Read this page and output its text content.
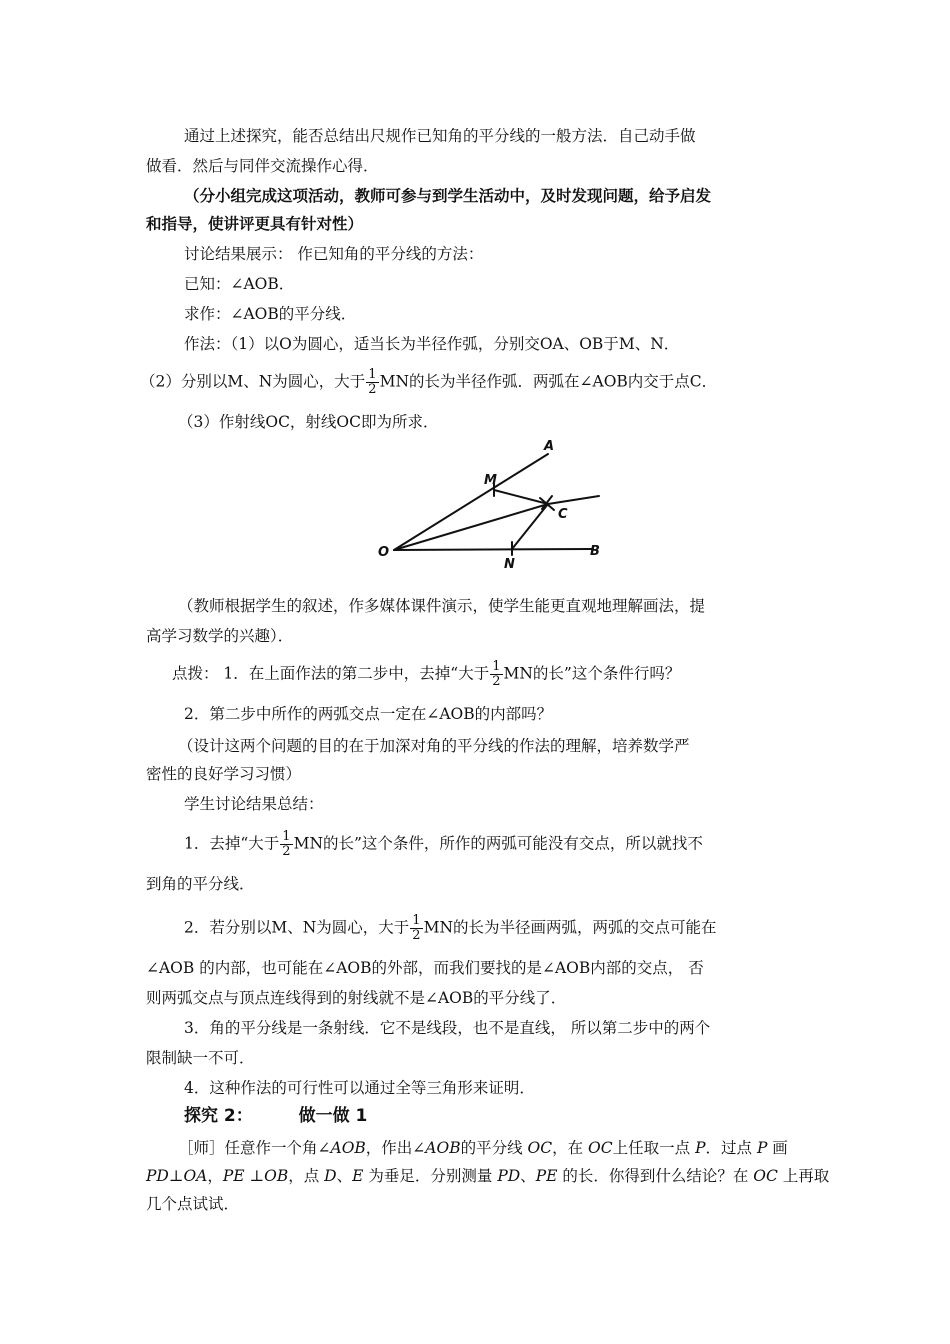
通过上述探究，能否总结出尺规作已知角的平分线的一般方法．自己动手做
做看．然后与同伴交流操作心得．
（分小组完成这项活动，教师可参与到学生活动中，及时发现问题，给予启发
和指导，使讲评更具有针对性）
讨论结果展示： 作已知角的平分线的方法：
已知：∠AOB．
求作：∠AOB的平分线．
作法：（1）以O为圆心，适当长为半径作弧，分别交OA、OB于M、N．
（2）分别以M、N为圆心，大于 $\frac{1}{2}$ MN的长为半径作弧．两弧在∠AOB内交于点C．
（3）作射线OC，射线OC即为所求．
A
M
C
O
N
B
（教师根据学生的叙述，作多媒体课件演示，使学生能更直观地理解画法，提
高学习数学的兴趣）．
点拨： 1．在上面作法的第二步中，去掉“大于 $\frac{1}{2}$ MN的长”这个条件行吗？
2．第二步中所作的两弧交点一定在∠AOB的内部吗？
（设计这两个问题的目的在于加深对角的平分线的作法的理解，培养数学严
密性的良好学习习惯）
学生讨论结果总结：
1．去掉“大于 $\frac{1}{2}$ MN的长”这个条件，所作的两弧可能没有交点，所以就找不
到角的平分线．
2．若分别以M、N为圆心，大于 $\frac{1}{2}$ MN的长为半径画两弧，两弧的交点可能在
∠AOB 的内部，也可能在∠AOB的外部，而我们要找的是∠AOB内部的交点， 否
则两弧交点与顶点连线得到的射线就不是∠AOB的平分线了．
3．角的平分线是一条射线．它不是线段，也不是直线， 所以第二步中的两个
限制缺一不可．
4．这种作法的可行性可以通过全等三角形来证明．
探究 2：	做一做 1
［师］任意作一个角∠AOB，作出∠AOB的平分线 OC，在 OC上任取一点 P．过点 P 画
PD⊥OA，PE ⊥OB，点 D、E 为垂足．分别测量 PD、PE 的长．你得到什么结论？在 OC 上再取
几个点试试．
